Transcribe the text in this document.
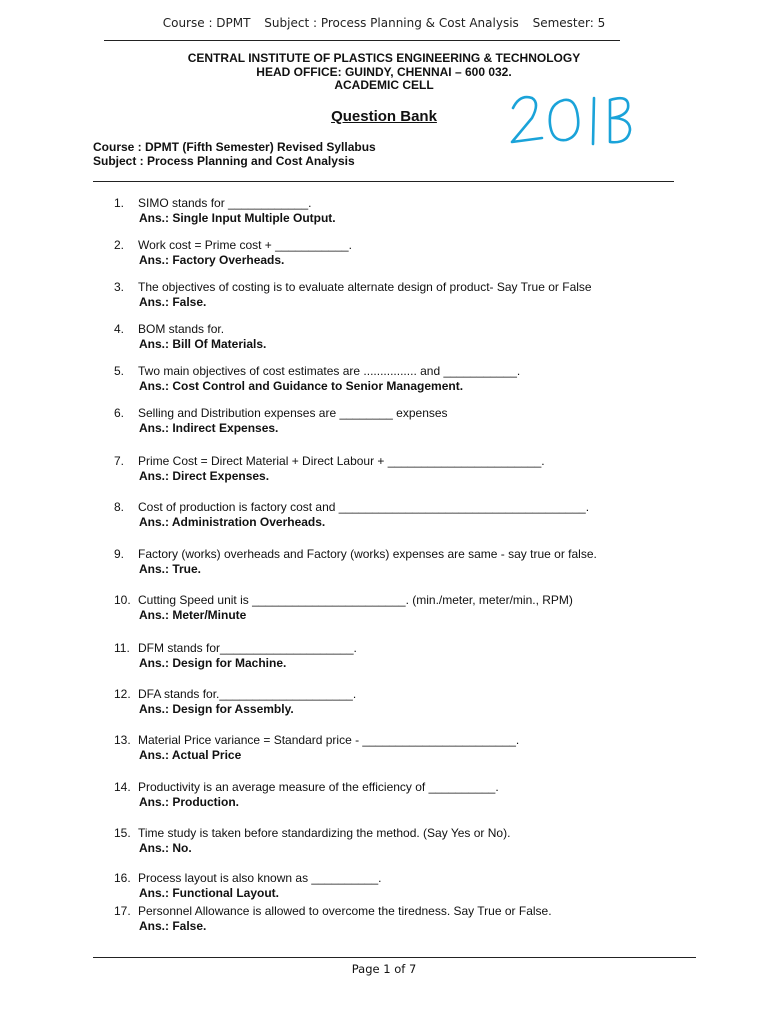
Course : DPMT Subject : Process Planning & Cost Analysis Semester: 5
CENTRAL INSTITUTE OF PLASTICS ENGINEERING & TECHNOLOGY
HEAD OFFICE: GUINDY, CHENNAI – 600 032.
ACADEMIC CELL
Question Bank
Course : DPMT (Fifth Semester) Revised Syllabus
Subject : Process Planning and Cost Analysis
1. SIMO stands for ____________.
Ans.: Single Input Multiple Output.
2. Work cost = Prime cost + ___________.
Ans.: Factory Overheads.
3. The objectives of costing is to evaluate alternate design of product- Say True or False
Ans.: False.
4. BOM stands for.
Ans.: Bill Of Materials.
5. Two main objectives of cost estimates are ................ and ___________.
Ans.: Cost Control and Guidance to Senior Management.
6. Selling and Distribution expenses are ________ expenses
Ans.: Indirect Expenses.
7. Prime Cost = Direct Material + Direct Labour + _______________________.
Ans.: Direct Expenses.
8. Cost of production is factory cost and _____________________________________.
Ans.: Administration Overheads.
9. Factory (works) overheads and Factory (works) expenses are same - say true or false.
Ans.: True.
10. Cutting Speed unit is _______________________. (min./meter, meter/min., RPM)
Ans.: Meter/Minute
11. DFM stands for____________________.
Ans.: Design for Machine.
12. DFA stands for.____________________.
Ans.: Design for Assembly.
13. Material Price variance = Standard price - _______________________.
Ans.: Actual Price
14. Productivity is an average measure of the efficiency of __________.
Ans.: Production.
15. Time study is taken before standardizing the method. (Say Yes or No).
Ans.: No.
16. Process layout is also known as __________.
Ans.: Functional Layout.
17. Personnel Allowance is allowed to overcome the tiredness. Say True or False.
Ans.: False.
Page 1 of 7
